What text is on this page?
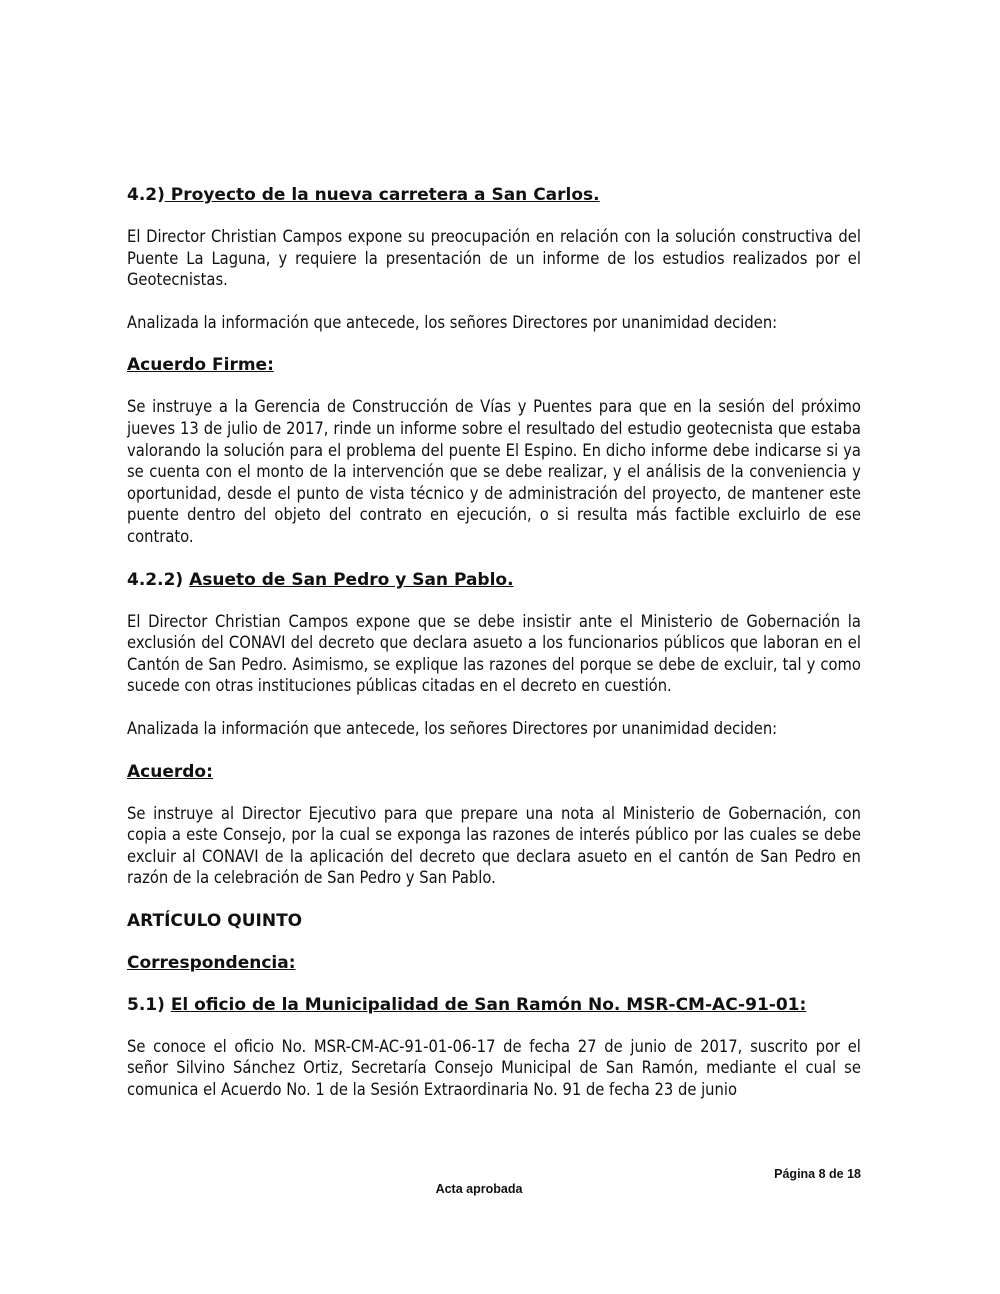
4.2) Proyecto de la nueva carretera a San Carlos.

El Director Christian Campos expone su preocupación en relación con la solución constructiva del Puente La Laguna, y requiere la presentación de un informe de los estudios realizados por el Geotecnistas.

Analizada la información que antecede, los señores Directores por unanimidad deciden:

Acuerdo Firme:

Se instruye a la Gerencia de Construcción de Vías y Puentes para que en la sesión del próximo jueves 13 de julio de 2017, rinde un informe sobre el resultado del estudio geotecnista que estaba valorando la solución para el problema del puente El Espino. En dicho informe debe indicarse si ya se cuenta con el monto de la intervención que se debe realizar, y el análisis de la conveniencia y oportunidad, desde el punto de vista técnico y de administración del proyecto, de mantener este puente dentro del objeto del contrato en ejecución, o si resulta más factible excluirlo de ese contrato.

4.2.2) Asueto de San Pedro y San Pablo.

El Director Christian Campos expone que se debe insistir ante el Ministerio de Gobernación la exclusión del CONAVI del decreto que declara asueto a los funcionarios públicos que laboran en el Cantón de San Pedro. Asimismo, se explique las razones del porque se debe de excluir, tal y como sucede con otras instituciones públicas citadas en el decreto en cuestión.

Analizada la información que antecede, los señores Directores por unanimidad deciden:

Acuerdo:

Se instruye al Director Ejecutivo para que prepare una nota al Ministerio de Gobernación, con copia a este Consejo, por la cual se exponga las razones de interés público por las cuales se debe excluir al CONAVI de la aplicación del decreto que declara asueto en el cantón de San Pedro en razón de la celebración de San Pedro y San Pablo.

ARTÍCULO QUINTO

Correspondencia:

5.1) El oficio de la Municipalidad de San Ramón No. MSR-CM-AC-91-01:

Se conoce el oficio No. MSR-CM-AC-91-01-06-17 de fecha 27 de junio de 2017, suscrito por el señor Silvino Sánchez Ortiz, Secretaría Consejo Municipal de San Ramón, mediante el cual se comunica el Acuerdo No. 1 de la Sesión Extraordinaria No. 91 de fecha 23 de junio

Página 8 de 18
Acta aprobada
